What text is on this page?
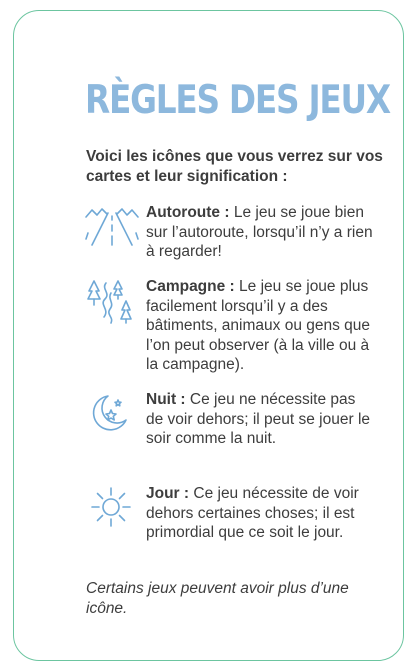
RÈGLES DES JEUX

Voici les icônes que vous verrez sur vos cartes et leur signification :

Autoroute : Le jeu se joue bien sur l’autoroute, lorsqu’il n’y a rien à regarder!

Campagne : Le jeu se joue plus facilement lorsqu’il y a des bâtiments, animaux ou gens que l’on peut observer (à la ville ou à la campagne).

Nuit : Ce jeu ne nécessite pas de voir dehors; il peut se jouer le soir comme la nuit.

Jour : Ce jeu nécessite de voir dehors certaines choses; il est primordial que ce soit le jour.

Certains jeux peuvent avoir plus d’une icône.
